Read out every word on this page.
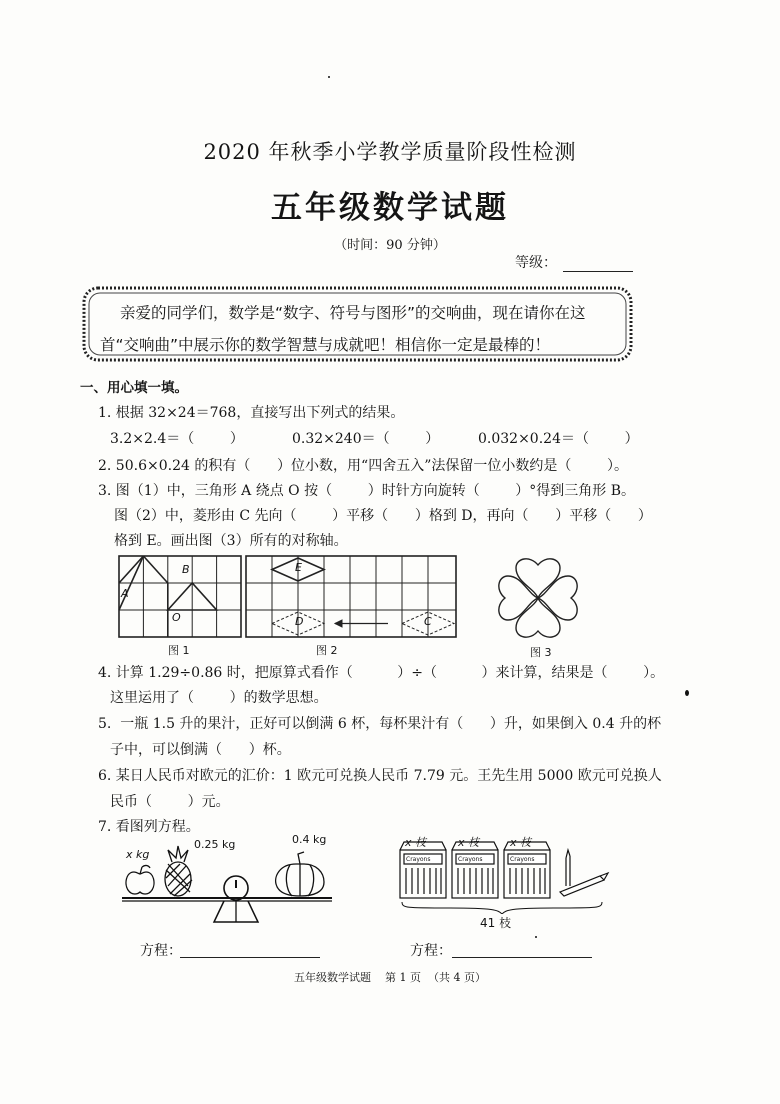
2020 年秋季小学教学质量阶段性检测
五年级数学试题
（时间：90 分钟）
等级：
亲爱的同学们，数学是“数字、符号与图形”的交响曲，现在请你在这首“交响曲”中展示你的数学智慧与成就吧！相信你一定是最棒的！
一、用心填一填。
1. 根据 32×24＝768，直接写出下列式的结果。
3.2×2.4＝（        ）	0.32×240＝（        ）	0.032×0.24＝（        ）
2. 50.6×0.24 的积有（      ）位小数，用“四舍五入”法保留一位小数约是（        ）。
3. 图（1）中，三角形 A 绕点 O 按（        ）时针方向旋转（        ）°得到三角形 B。
图（2）中，菱形由 C 先向（        ）平移（      ）格到 D，再向（      ）平移（      ）
格到 E。画出图（3）所有的对称轴。
A
B
O
图 1
E
D	C
图 2	图 3
4. 计算 1.29÷0.86 时，把原算式看作（          ）÷（          ）来计算，结果是（        ）。
这里运用了（        ）的数学思想。
5.  一瓶 1.5 升的果汁，正好可以倒满 6 杯，每杯果汁有（      ）升，如果倒入 0.4 升的杯
子中，可以倒满（      ）杯。
6. 某日人民币对欧元的汇价：1 欧元可兑换人民币 7.79 元。王先生用 5000 欧元可兑换人
民币（        ）元。
7. 看图列方程。
x kg
0.25 kg	0.4 kg	x 枝	x 枝	x 枝
Crayons	Crayons	Crayons
41 枝
方程：	方程：
五年级数学试题    第 1 页  （共 4 页）
